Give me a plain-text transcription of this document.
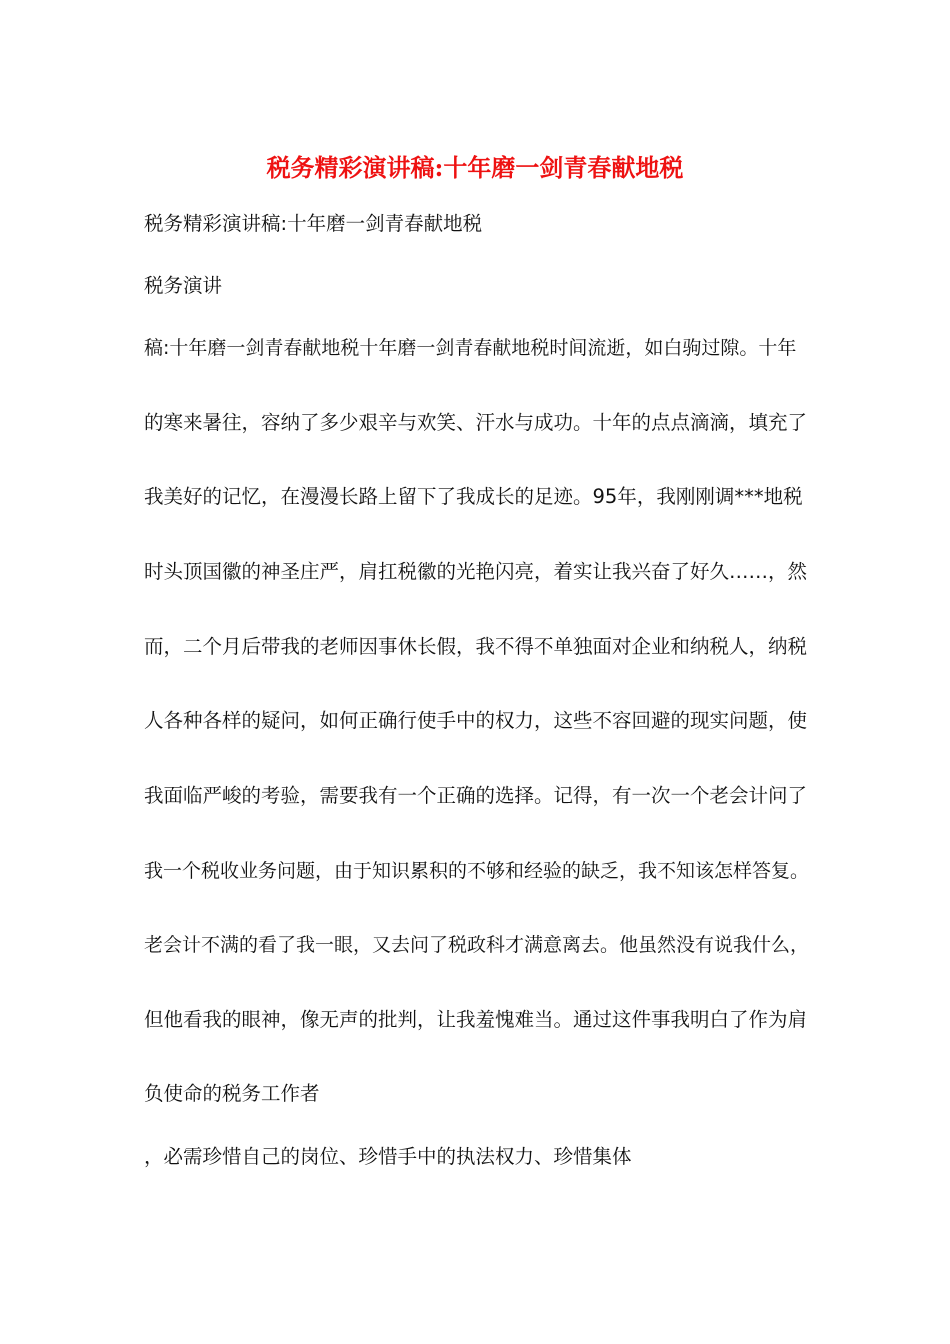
税务精彩演讲稿:十年磨一剑青春献地税
税务精彩演讲稿:十年磨一剑青春献地税
税务演讲
稿:十年磨一剑青春献地税十年磨一剑青春献地税时间流逝，如白驹过隙。十年
的寒来暑往，容纳了多少艰辛与欢笑、汗水与成功。十年的点点滴滴，填充了
我美好的记忆，在漫漫长路上留下了我成长的足迹。95年，我刚刚调***地税
时头顶国徽的神圣庄严，肩扛税徽的光艳闪亮，着实让我兴奋了好久……，然
而，二个月后带我的老师因事休长假，我不得不单独面对企业和纳税人，纳税
人各种各样的疑问，如何正确行使手中的权力，这些不容回避的现实问题，使
我面临严峻的考验，需要我有一个正确的选择。记得，有一次一个老会计问了
我一个税收业务问题，由于知识累积的不够和经验的缺乏，我不知该怎样答复。
老会计不满的看了我一眼，又去问了税政科才满意离去。他虽然没有说我什么，
但他看我的眼神，像无声的批判，让我羞愧难当。通过这件事我明白了作为肩
负使命的税务工作者
，必需珍惜自己的岗位、珍惜手中的执法权力、珍惜集体
